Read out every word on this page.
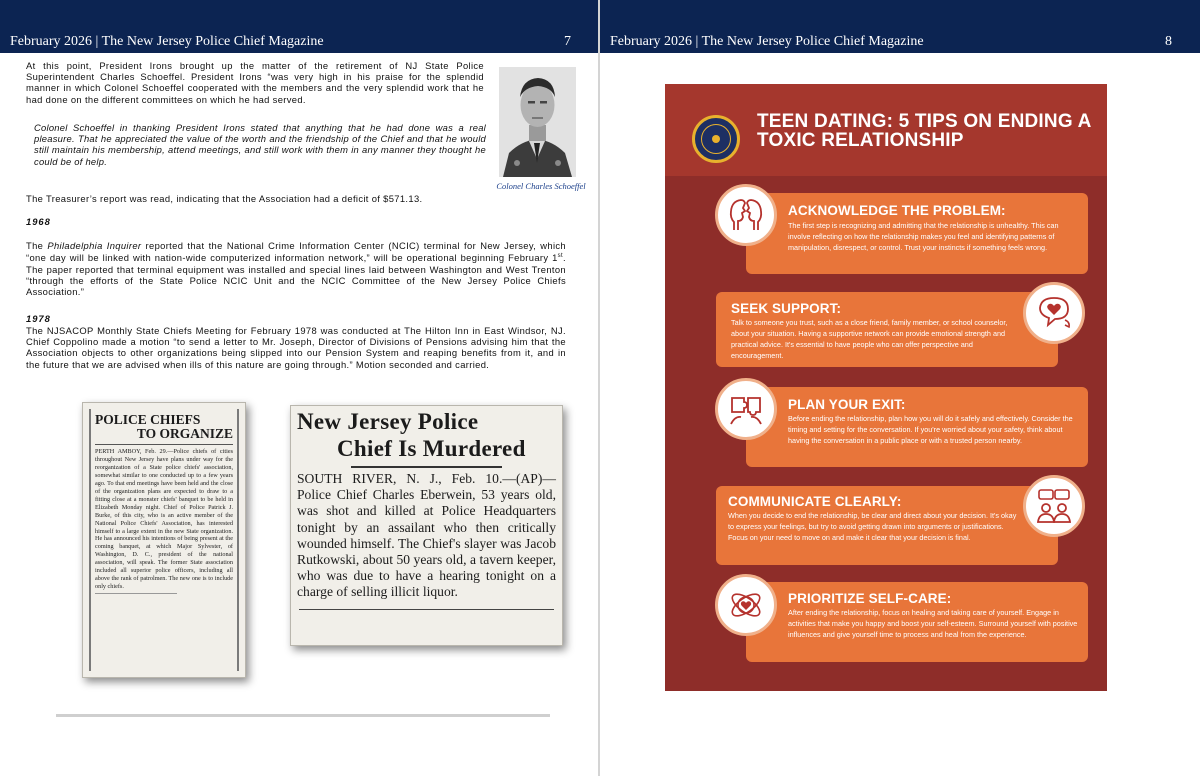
February 2026 | The New Jersey Police Chief Magazine	7

At this point, President Irons brought up the matter of the retirement of NJ State Police Superintendent Charles Schoeffel. President Irons “was very high in his praise for the splendid manner in which Colonel Schoeffel cooperated with the members and the very splendid work that he had done on the different committees on which he had served.

Colonel Schoeffel in thanking President Irons stated that anything that he had done was a real pleasure. That he appreciated the value of the worth and the friendship of the Chief and that he would still maintain his membership, attend meetings, and still work with them in any manner they thought he could be of help.

Colonel Charles Schoeffel

The Treasurer’s report was read, indicating that the Association had a deficit of $571.13.

1968

The Philadelphia Inquirer reported that the National Crime Information Center (NCIC) terminal for New Jersey, which “one day will be linked with nation-wide computerized information network,” will be operational beginning February 1st. The paper reported that terminal equipment was installed and special lines laid between Washington and West Trenton “through the efforts of the State Police NCIC Unit and the NCIC Committee of the New Jersey Police Chiefs Association.”

1978

The NJSACOP Monthly State Chiefs Meeting for February 1978 was conducted at The Hilton Inn in East Windsor, NJ. Chief Coppolino made a motion “to send a letter to Mr. Joseph, Director of Divisions of Pensions advising him that the Association objects to other organizations being slipped into our Pension System and reaping benefits from it, and in the future that we are advised when ills of this nature are going through.” Motion seconded and carried.

POLICE CHIEFS
TO ORGANIZE
PERTH AMBOY, Feb. 29.—Police chiefs of cities throughout New Jersey have plans under way for the reorganization of a State police chiefs' association, somewhat similar to one conducted up to a few years ago. To that end meetings have been held and the close of the organization plans are expected to draw to a fitting close at a monster chiefs' banquet to be held in Elizabeth Monday night. Chief of Police Patrick J. Burke, of this city, who is an active member of the National Police Chiefs' Association, has interested himself to a large extent in the new State organization. He has announced his intentions of being present at the coming banquet, at which Major Sylvester, of Washington, D. C., president of the national association, will speak. The former State association included all superior police officers, including all above the rank of patrolmen. The new one is to include only chiefs.
New Jersey Police
Chief Is Murdered
SOUTH RIVER, N. J., Feb. 10.—(AP)—Police Chief Charles Eberwein, 53 years old, was shot and killed at Police Headquarters tonight by an assailant who then critically wounded himself. The Chief's slayer was Jacob Rutkowski, about 50 years old, a tavern keeper, who was due to have a hearing tonight on a charge of selling illicit liquor.
February 2026 | The New Jersey Police Chief Magazine	8
TEEN DATING: 5 TIPS ON ENDING A TOXIC RELATIONSHIP
ACKNOWLEDGE THE PROBLEM:
The first step is recognizing and admitting that the relationship is unhealthy. This can involve reflecting on how the relationship makes you feel and identifying patterns of manipulation, disrespect, or control. Trust your instincts if something feels wrong.
SEEK SUPPORT:
Talk to someone you trust, such as a close friend, family member, or school counselor, about your situation. Having a supportive network can provide emotional strength and practical advice. It's essential to have people who can offer perspective and encouragement.
PLAN YOUR EXIT:
Before ending the relationship, plan how you will do it safely and effectively. Consider the timing and setting for the conversation. If you're worried about your safety, think about having the conversation in a public place or with a trusted person nearby.
COMMUNICATE CLEARLY:
When you decide to end the relationship, be clear and direct about your decision. It's okay to express your feelings, but try to avoid getting drawn into arguments or justifications. Focus on your need to move on and make it clear that your decision is final.
PRIORITIZE SELF-CARE:
After ending the relationship, focus on healing and taking care of yourself. Engage in activities that make you happy and boost your self-esteem. Surround yourself with positive influences and give yourself time to process and heal from the experience.
